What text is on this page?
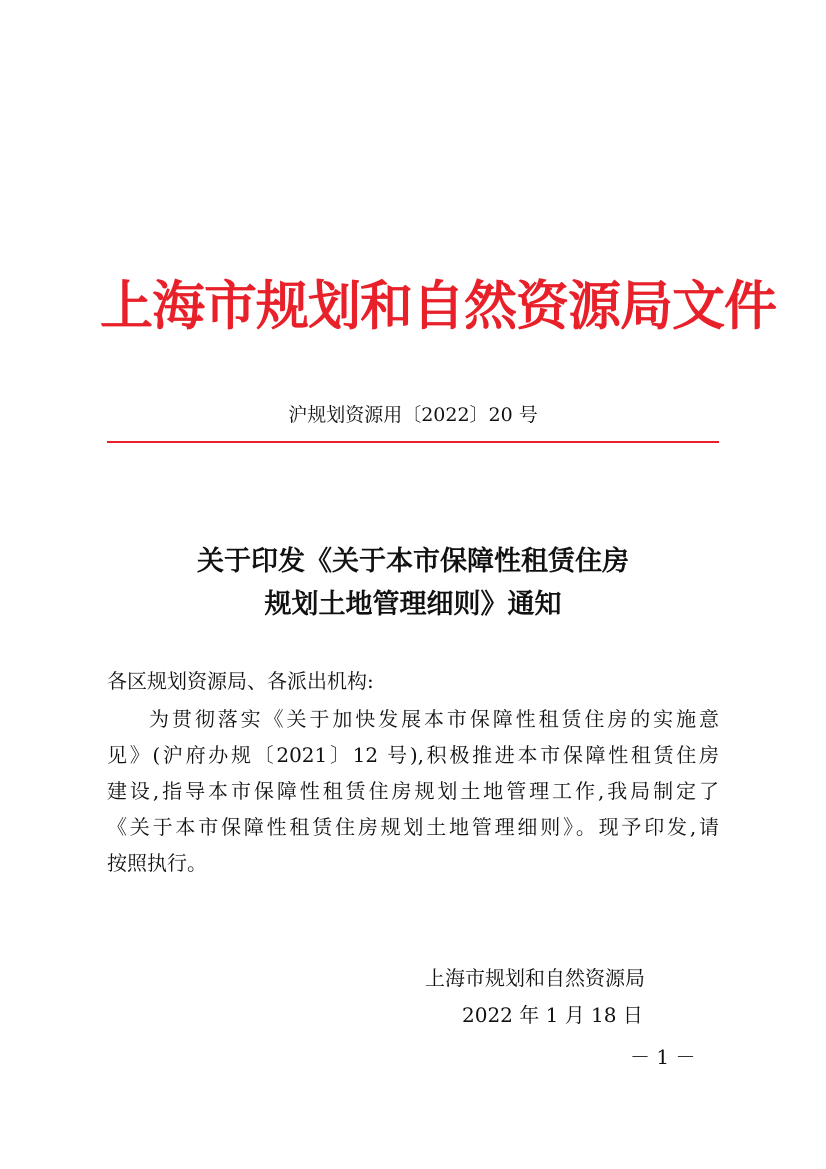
上海市规划和自然资源局文件
沪规划资源用〔2022〕20 号
关于印发《关于本市保障性租赁住房
规划土地管理细则》通知
各区规划资源局、各派出机构:
为贯彻落实《关于加快发展本市保障性租赁住房的实施意
见》(沪府办规〔2021〕12 号),积极推进本市保障性租赁住房
建设,指导本市保障性租赁住房规划土地管理工作,我局制定了
《关于本市保障性租赁住房规划土地管理细则》。现予印发,请
按照执行。
上海市规划和自然资源局
2022 年 1 月 18 日
－ 1 －
